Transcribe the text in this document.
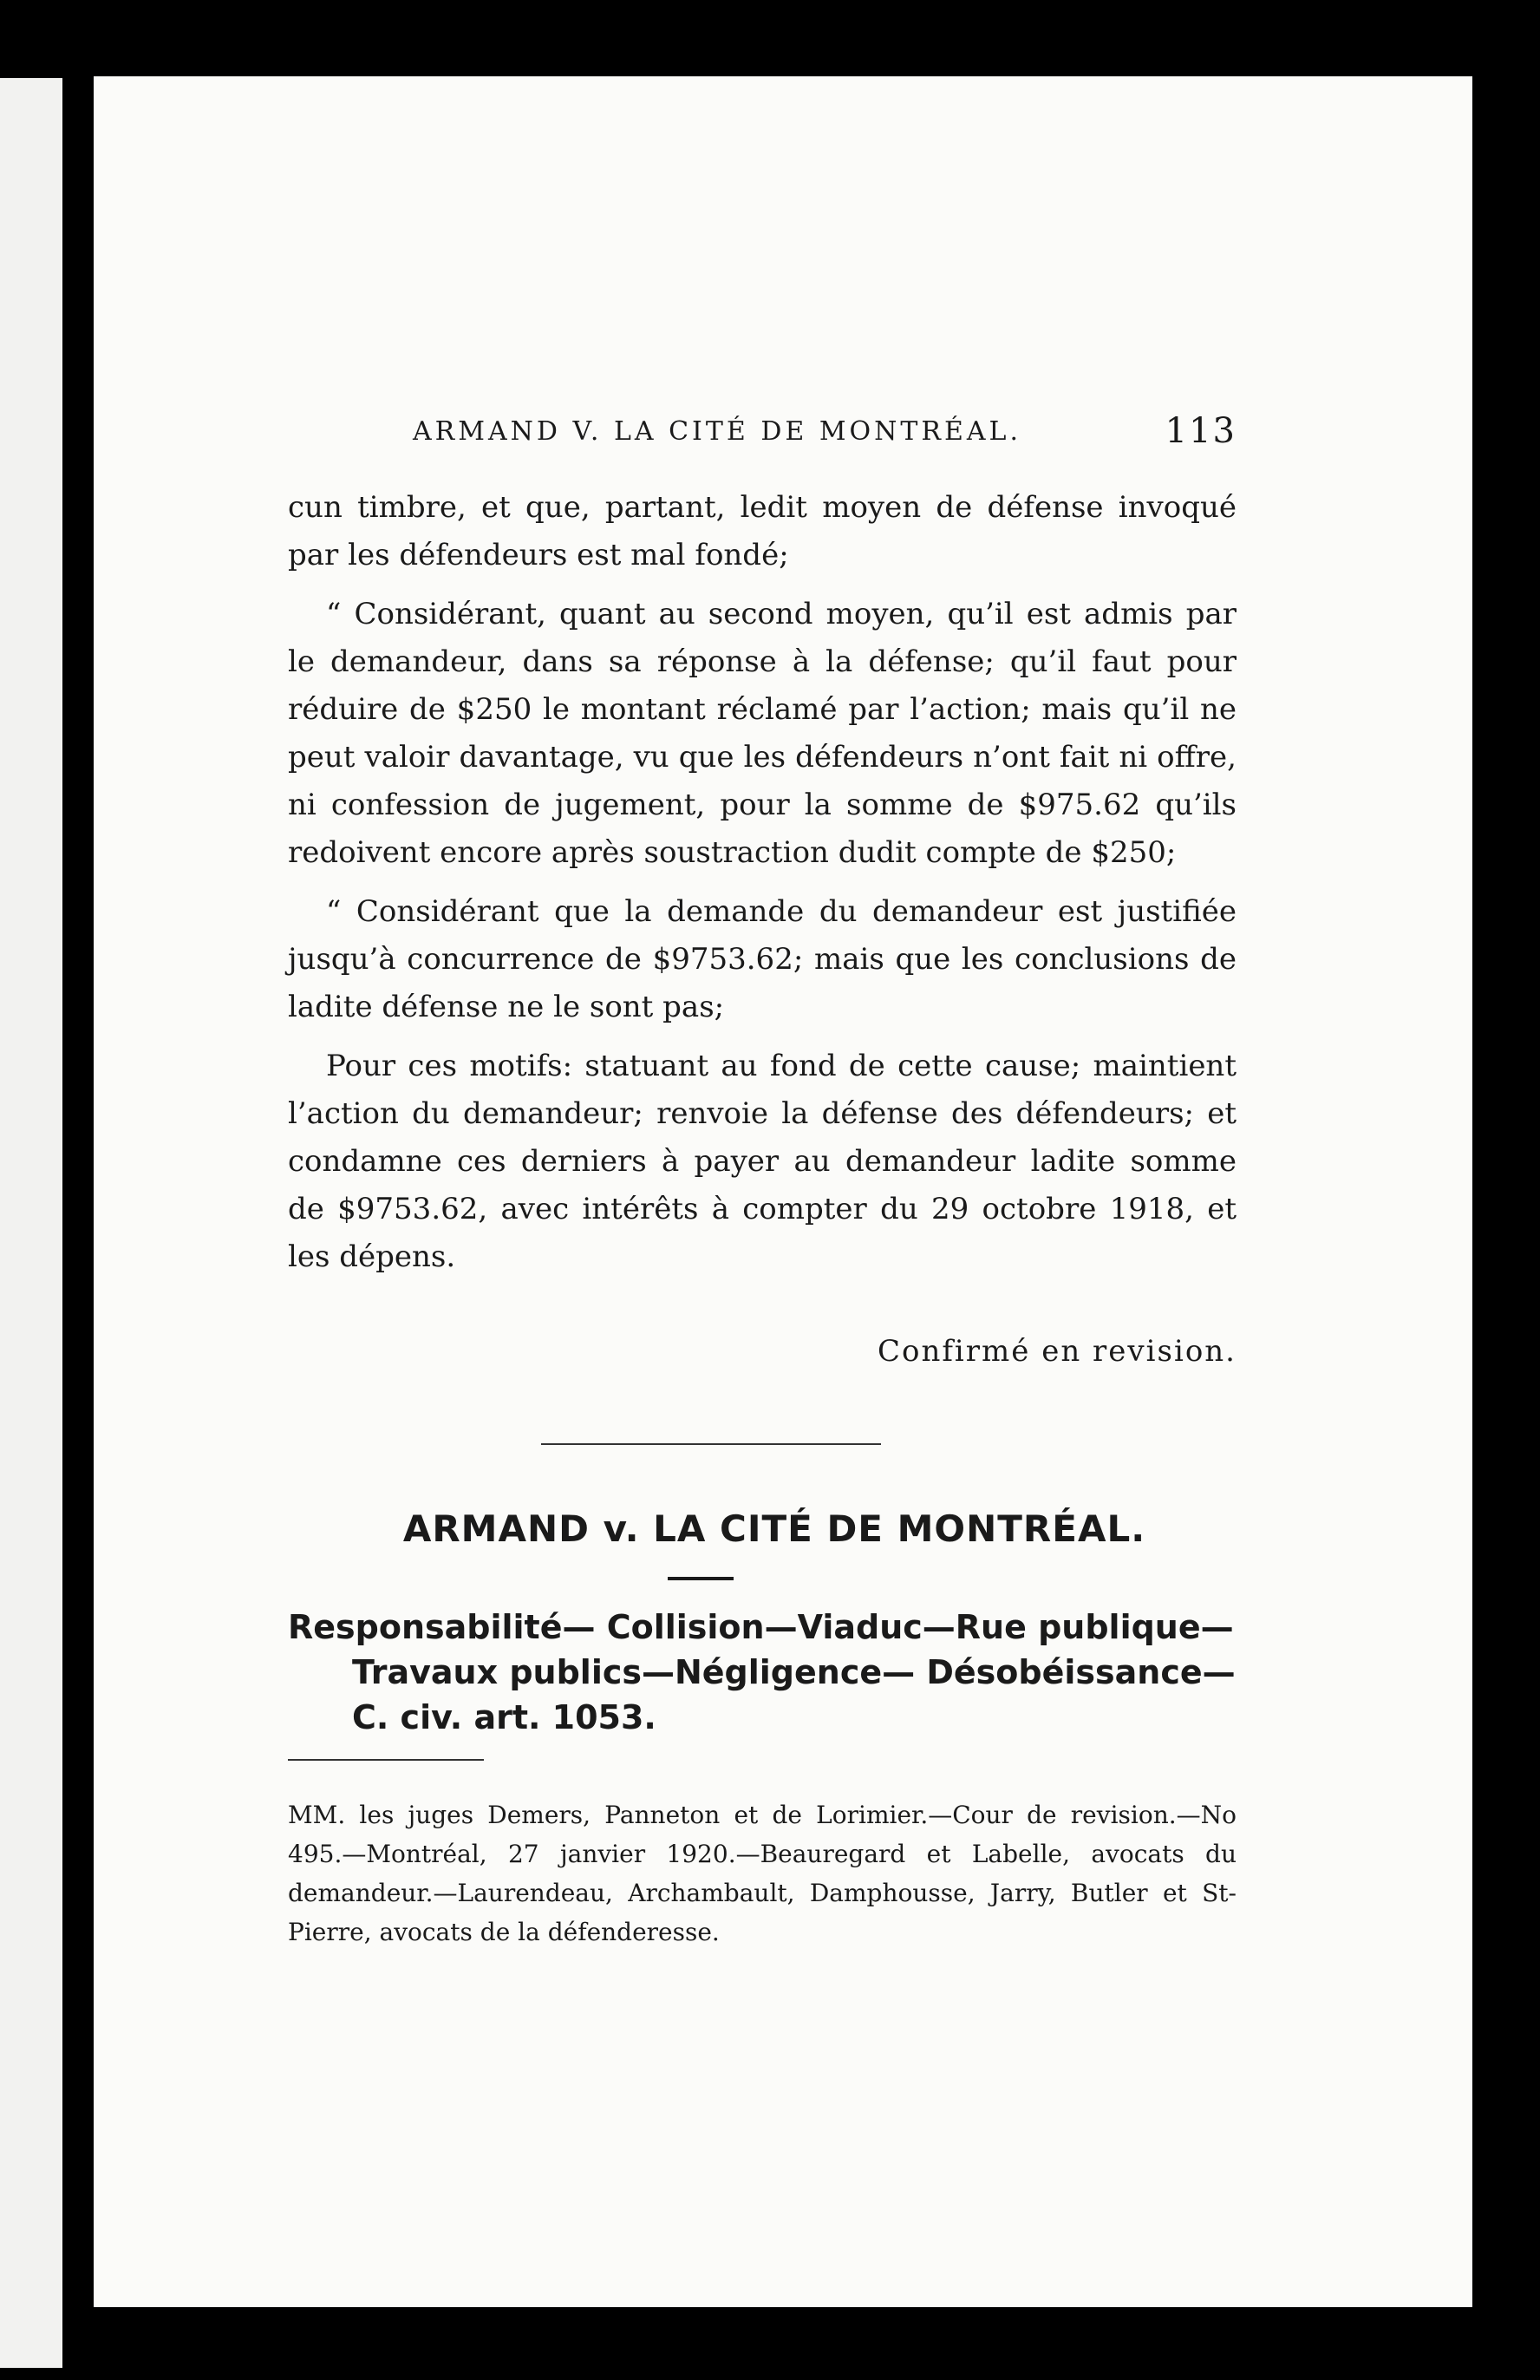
ARMAND V. LA CITÉ DE MONTRÉAL.	113

cun timbre, et que, partant, ledit moyen de défense invoqué par les défendeurs est mal fondé;

“ Considérant, quant au second moyen, qu’il est admis par le demandeur, dans sa réponse à la défense; qu’il faut pour réduire de $250 le montant réclamé par l’action; mais qu’il ne peut valoir davantage, vu que les défendeurs n’ont fait ni offre, ni confession de jugement, pour la somme de $975.62 qu’ils redoivent encore après soustraction dudit compte de $250;

“ Considérant que la demande du demandeur est justifiée jusqu’à concurrence de $9753.62; mais que les conclusions de ladite défense ne le sont pas;

Pour ces motifs: statuant au fond de cette cause; maintient l’action du demandeur; renvoie la défense des défendeurs; et condamne ces derniers à payer au demandeur ladite somme de $9753.62, avec intérêts à compter du 29 octobre 1918, et les dépens.

Confirmé en revision.
ARMAND v. LA CITÉ DE MONTRÉAL.
Responsabilité— Collision—Viaduc—Rue publique—
Travaux publics—Négligence— Désobéissance—
C. civ. art. 1053.
MM. les juges Demers, Panneton et de Lorimier.—Cour de revision.—No 495.—Montréal, 27 janvier 1920.—Beauregard et Labelle, avocats du demandeur.—Laurendeau, Archambault, Damphousse, Jarry, Butler et St-Pierre, avocats de la défenderesse.
